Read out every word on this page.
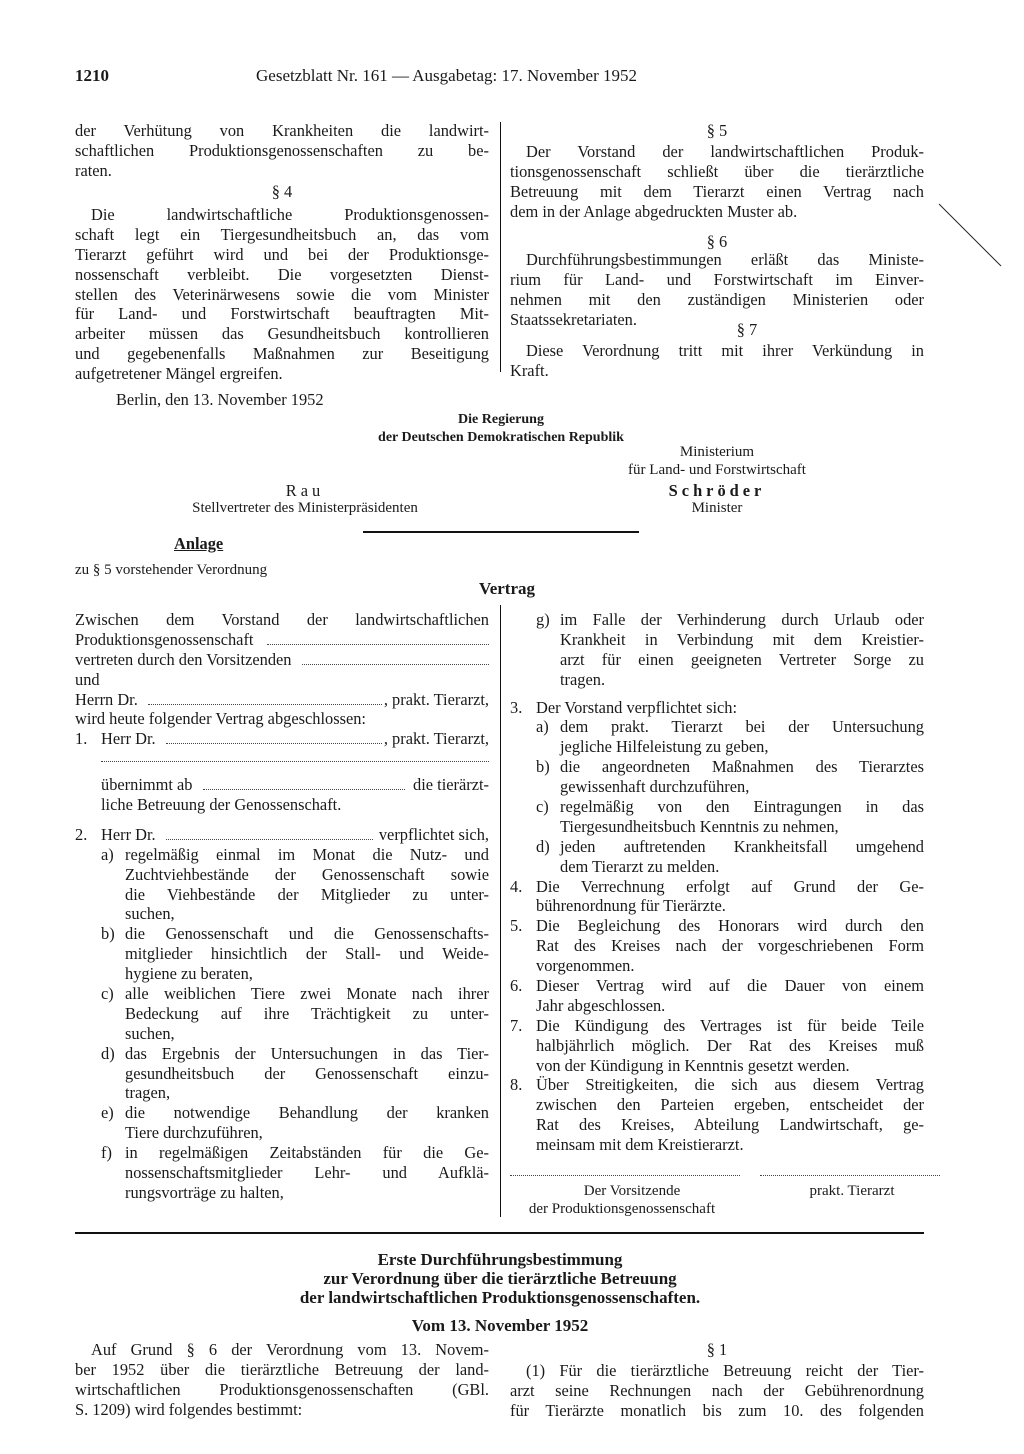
1210	Gesetzblatt Nr. 161 — Ausgabetag: 17. November 1952
der Verhütung von Krankheiten die landwirt-
schaftlichen Produktionsgenossenschaften zu be-
raten.
§ 4
Die landwirtschaftliche Produktionsgenossen-
schaft legt ein Tiergesundheitsbuch an, das vom
Tierarzt geführt wird und bei der Produktionsge-
nossenschaft verbleibt. Die vorgesetzten Dienst-
stellen des Veterinärwesens sowie die vom Minister
für Land- und Forstwirtschaft beauftragten Mit-
arbeiter müssen das Gesundheitsbuch kontrollieren
und gegebenenfalls Maßnahmen zur Beseitigung
aufgetretener Mängel ergreifen.
§ 5
Der Vorstand der landwirtschaftlichen Produk-
tionsgenossenschaft schließt über die tierärztliche
Betreuung mit dem Tierarzt einen Vertrag nach
dem in der Anlage abgedruckten Muster ab.
§ 6
Durchführungsbestimmungen erläßt das Ministe-
rium für Land- und Forstwirtschaft im Einver-
nehmen mit den zuständigen Ministerien oder
Staatssekretariaten.
§ 7
Diese Verordnung tritt mit ihrer Verkündung in
Kraft.
Berlin, den 13. November 1952
Die Regierung
der Deutschen Demokratischen Republik
Ministerium
für Land- und Forstwirtschaft
Rau
Stellvertreter des Ministerpräsidenten
Schröder
Minister
Anlage
zu § 5 vorstehender Verordnung
Vertrag
Zwischen dem Vorstand der landwirtschaftlichen
Produktionsgenossenschaft
vertreten durch den Vorsitzenden
und
Herrn Dr.	, prakt. Tierarzt,
wird heute folgender Vertrag abgeschlossen:
1. Herr Dr.	, prakt. Tierarzt,
übernimmt ab	die tierärzt-
liche Betreuung der Genossenschaft.
2. Herr Dr.	verpflichtet sich,
a) regelmäßig einmal im Monat die Nutz- und
Zuchtviehbestände der Genossenschaft sowie
die Viehbestände der Mitglieder zu unter-
suchen,
b) die Genossenschaft und die Genossenschafts-
mitglieder hinsichtlich der Stall- und Weide-
hygiene zu beraten,
c) alle weiblichen Tiere zwei Monate nach ihrer
Bedeckung auf ihre Trächtigkeit zu unter-
suchen,
d) das Ergebnis der Untersuchungen in das Tier-
gesundheitsbuch der Genossenschaft einzu-
tragen,
e) die notwendige Behandlung der kranken
Tiere durchzuführen,
f) in regelmäßigen Zeitabständen für die Ge-
nossenschaftsmitglieder Lehr- und Aufklä-
rungsvorträge zu halten,
g) im Falle der Verhinderung durch Urlaub oder
Krankheit in Verbindung mit dem Kreistier-
arzt für einen geeigneten Vertreter Sorge zu
tragen.
3. Der Vorstand verpflichtet sich:
a) dem prakt. Tierarzt bei der Untersuchung
jegliche Hilfeleistung zu geben,
b) die angeordneten Maßnahmen des Tierarztes
gewissenhaft durchzuführen,
c) regelmäßig von den Eintragungen in das
Tiergesundheitsbuch Kenntnis zu nehmen,
d) jeden auftretenden Krankheitsfall umgehend
dem Tierarzt zu melden.
4. Die Verrechnung erfolgt auf Grund der Ge-
bührenordnung für Tierärzte.
5. Die Begleichung des Honorars wird durch den
Rat des Kreises nach der vorgeschriebenen Form
vorgenommen.
6. Dieser Vertrag wird auf die Dauer von einem
Jahr abgeschlossen.
7. Die Kündigung des Vertrages ist für beide Teile
halbjährlich möglich. Der Rat des Kreises muß
von der Kündigung in Kenntnis gesetzt werden.
8. Über Streitigkeiten, die sich aus diesem Vertrag
zwischen den Parteien ergeben, entscheidet der
Rat des Kreises, Abteilung Landwirtschaft, ge-
meinsam mit dem Kreistierarzt.
Der Vorsitzende
der Produktionsgenossenschaft
prakt. Tierarzt
Erste Durchführungsbestimmung
zur Verordnung über die tierärztliche Betreuung
der landwirtschaftlichen Produktionsgenossenschaften.
Vom 13. November 1952
Auf Grund § 6 der Verordnung vom 13. Novem-
ber 1952 über die tierärztliche Betreuung der land-
wirtschaftlichen Produktionsgenossenschaften (GBl.
S. 1209) wird folgendes bestimmt:
§ 1
(1) Für die tierärztliche Betreuung reicht der Tier-
arzt seine Rechnungen nach der Gebührenordnung
für Tierärzte monatlich bis zum 10. des folgenden
